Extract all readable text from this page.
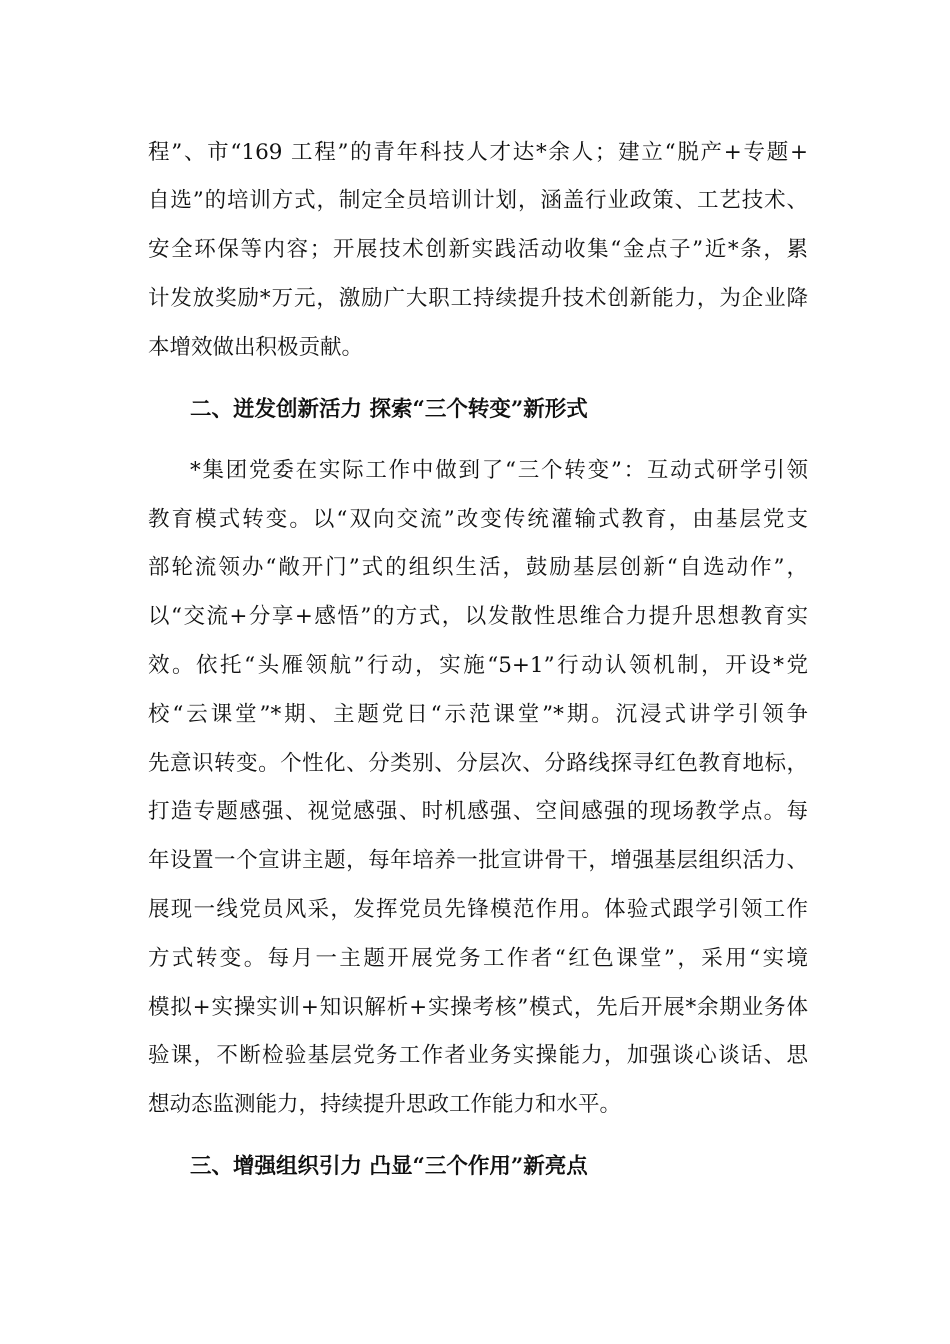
程”、市“169 工程”的青年科技人才达*余人；建立“脱产+专题+
自选”的培训方式，制定全员培训计划，涵盖行业政策、工艺技术、
安全环保等内容；开展技术创新实践活动收集“金点子”近*条，累
计发放奖励*万元，激励广大职工持续提升技术创新能力，为企业降
本增效做出积极贡献。
二、迸发创新活力 探索“三个转变”新形式
*集团党委在实际工作中做到了“三个转变”：互动式研学引领
教育模式转变。以“双向交流”改变传统灌输式教育，由基层党支
部轮流领办“敞开门”式的组织生活，鼓励基层创新“自选动作”，
以“交流+分享+感悟”的方式，以发散性思维合力提升思想教育实
效。依托“头雁领航”行动，实施“5+1”行动认领机制，开设*党
校“云课堂”*期、主题党日“示范课堂”*期。沉浸式讲学引领争
先意识转变。个性化、分类别、分层次、分路线探寻红色教育地标，
打造专题感强、视觉感强、时机感强、空间感强的现场教学点。每
年设置一个宣讲主题，每年培养一批宣讲骨干，增强基层组织活力、
展现一线党员风采，发挥党员先锋模范作用。体验式跟学引领工作
方式转变。每月一主题开展党务工作者“红色课堂”，采用“实境
模拟+实操实训+知识解析+实操考核”模式，先后开展*余期业务体
验课，不断检验基层党务工作者业务实操能力，加强谈心谈话、思
想动态监测能力，持续提升思政工作能力和水平。
三、增强组织引力 凸显“三个作用”新亮点
